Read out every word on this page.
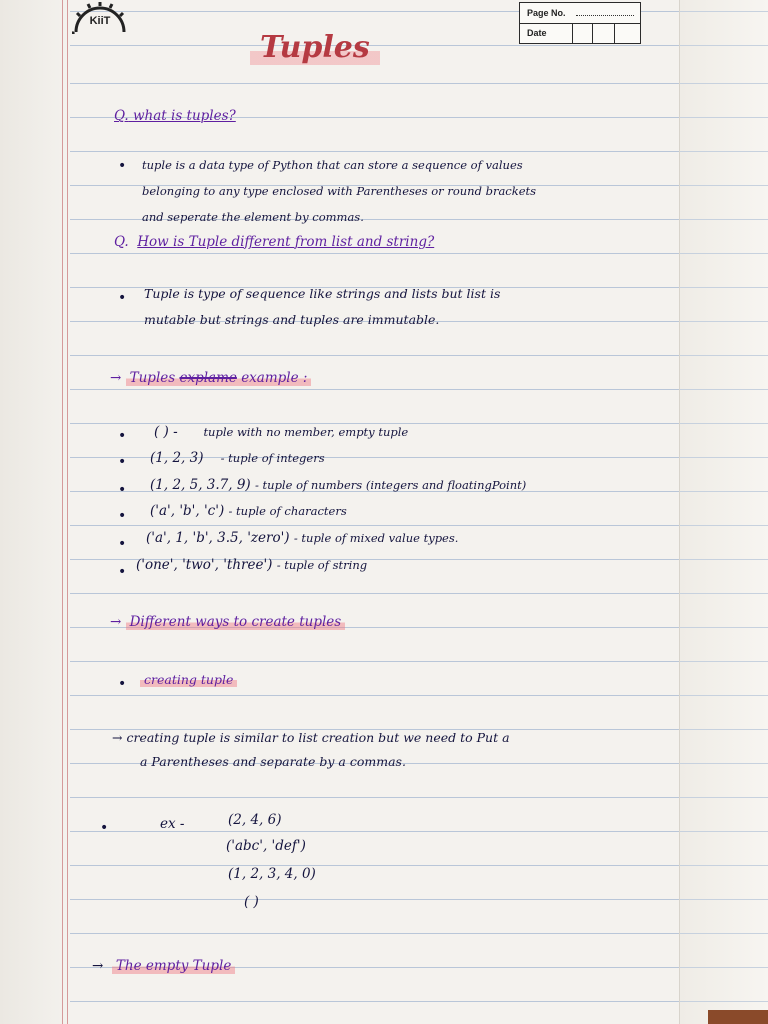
KiiT
Page No.
Date
Tuples
Q. what is tuples?
• tuple is a data type of Python that can store a sequence of values
belonging to any type enclosed with Parentheses or round brackets
and seperate the element by commas.
Q. How is Tuple different from list and string?
• Tuple is type of sequence like strings and lists but list is
mutable but strings and tuples are immutable.
→ Tuples explame example :
• ( ) - tuple with no member, empty tuple
• (1, 2, 3) - tuple of integers
• (1, 2, 5, 3.7, 9) - tuple of numbers (integers and floatingPoint)
• ('a', 'b', 'c') - tuple of characters
• ('a', 1, 'b', 3.5, 'zero') - tuple of mixed value types.
• ('one', 'two', 'three') - tuple of string
→ Different ways to create tuples
•	creating tuple
→ creating tuple is similar to list creation but we need to Put a
a Parentheses and separate by a commas.
•	ex -	(2, 4, 6)
('abc', 'def')
(1, 2, 3, 4, 0)
( )
→ The empty Tuple
